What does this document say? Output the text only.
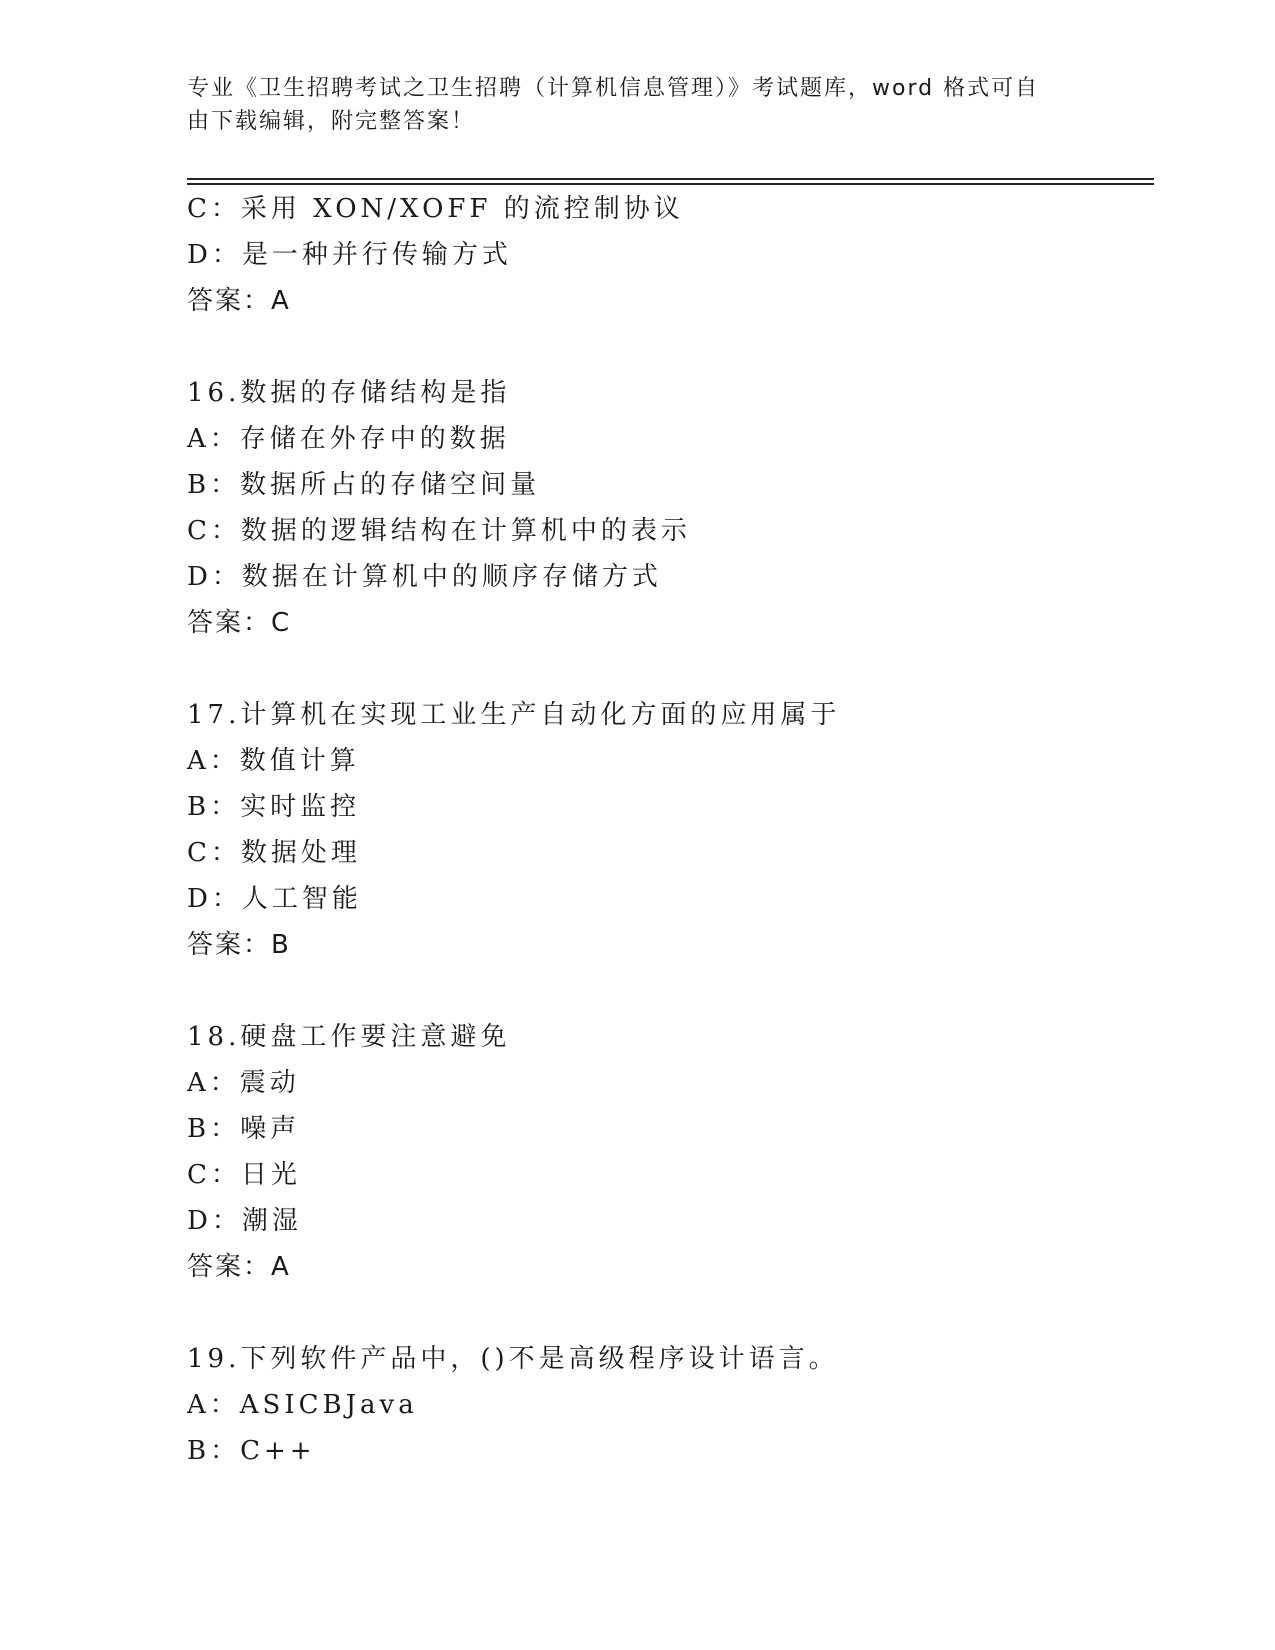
专业《卫生招聘考试之卫生招聘（计算机信息管理）》考试题库，word 格式可自
由下载编辑，附完整答案！
C：采用 XON/XOFF 的流控制协议
D：是一种并行传输方式
答案：A
16.数据的存储结构是指
A：存储在外存中的数据
B：数据所占的存储空间量
C：数据的逻辑结构在计算机中的表示
D：数据在计算机中的顺序存储方式
答案：C
17.计算机在实现工业生产自动化方面的应用属于
A：数值计算
B：实时监控
C：数据处理
D：人工智能
答案：B
18.硬盘工作要注意避免
A：震动
B：噪声
C：日光
D：潮湿
答案：A
19.下列软件产品中，()不是高级程序设计语言。
A：ASICBJava
B：C++
